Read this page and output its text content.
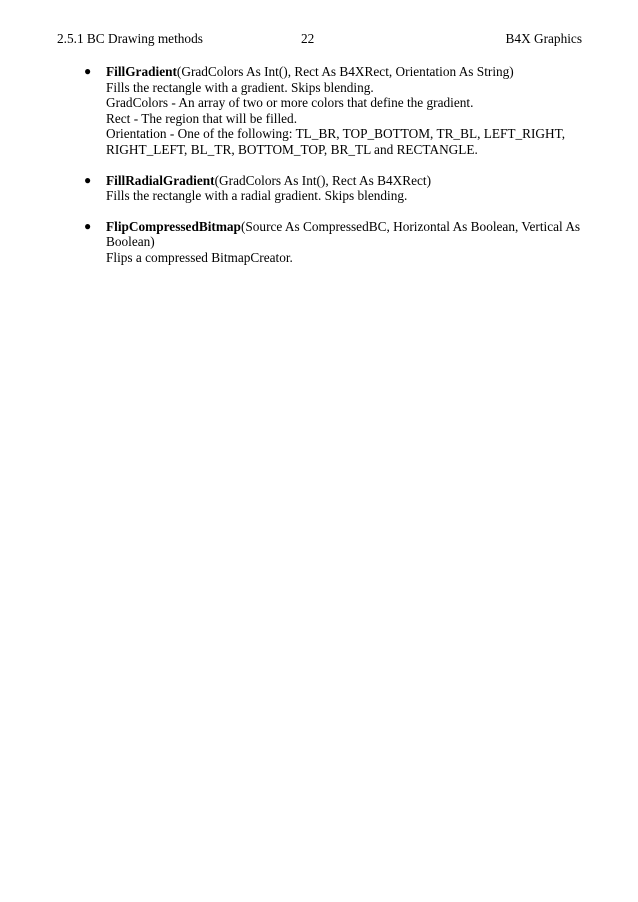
2.5.1 BC Drawing methods	22	B4X Graphics
● FillGradient(GradColors As Int(), Rect As B4XRect, Orientation As String)
Fills the rectangle with a gradient. Skips blending.
GradColors - An array of two or more colors that define the gradient.
Rect - The region that will be filled.
Orientation - One of the following: TL_BR, TOP_BOTTOM, TR_BL, LEFT_RIGHT,
RIGHT_LEFT, BL_TR, BOTTOM_TOP, BR_TL and RECTANGLE.
● FillRadialGradient(GradColors As Int(), Rect As B4XRect)
Fills the rectangle with a radial gradient. Skips blending.
● FlipCompressedBitmap(Source As CompressedBC, Horizontal As Boolean, Vertical As
Boolean)
Flips a compressed BitmapCreator.
